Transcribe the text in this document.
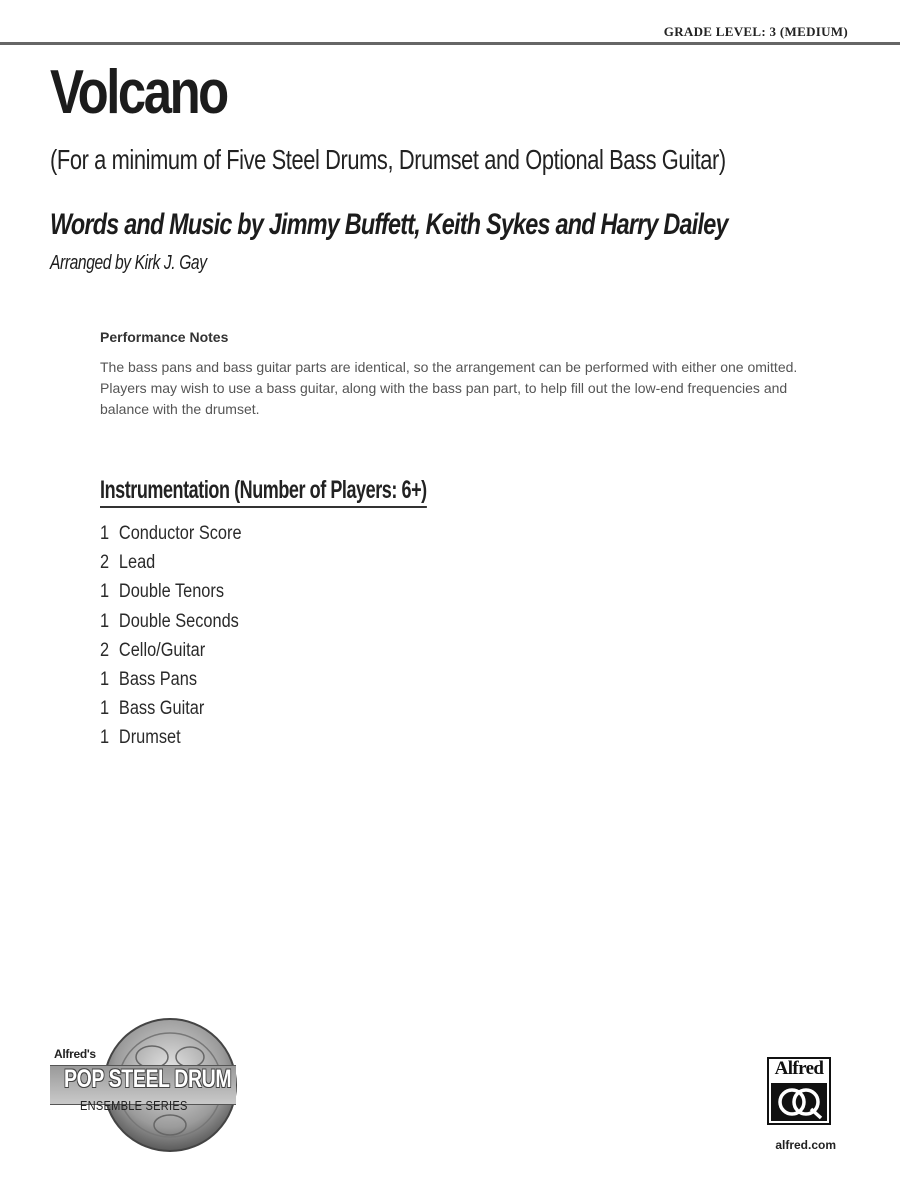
GRADE LEVEL: 3 (MEDIUM)
Volcano

(For a minimum of Five Steel Drums, Drumset and Optional Bass Guitar)

Words and Music by Jimmy Buffett, Keith Sykes and Harry Dailey

Arranged by Kirk J. Gay

Performance Notes

The bass pans and bass guitar parts are identical, so the arrangement can be performed with either one omitted. Players may wish to use a bass guitar, along with the bass pan part, to help fill out the low-end frequencies and balance with the drumset.

Instrumentation (Number of Players: 6+)
1 Conductor Score
2 Lead
1 Double Tenors
1 Double Seconds
2 Cello/Guitar
1 Bass Pans
1 Bass Guitar
1 Drumset
Alfred's
POP STEEL DRUM
ENSEMBLE SERIES
Alfred
alfred.com
